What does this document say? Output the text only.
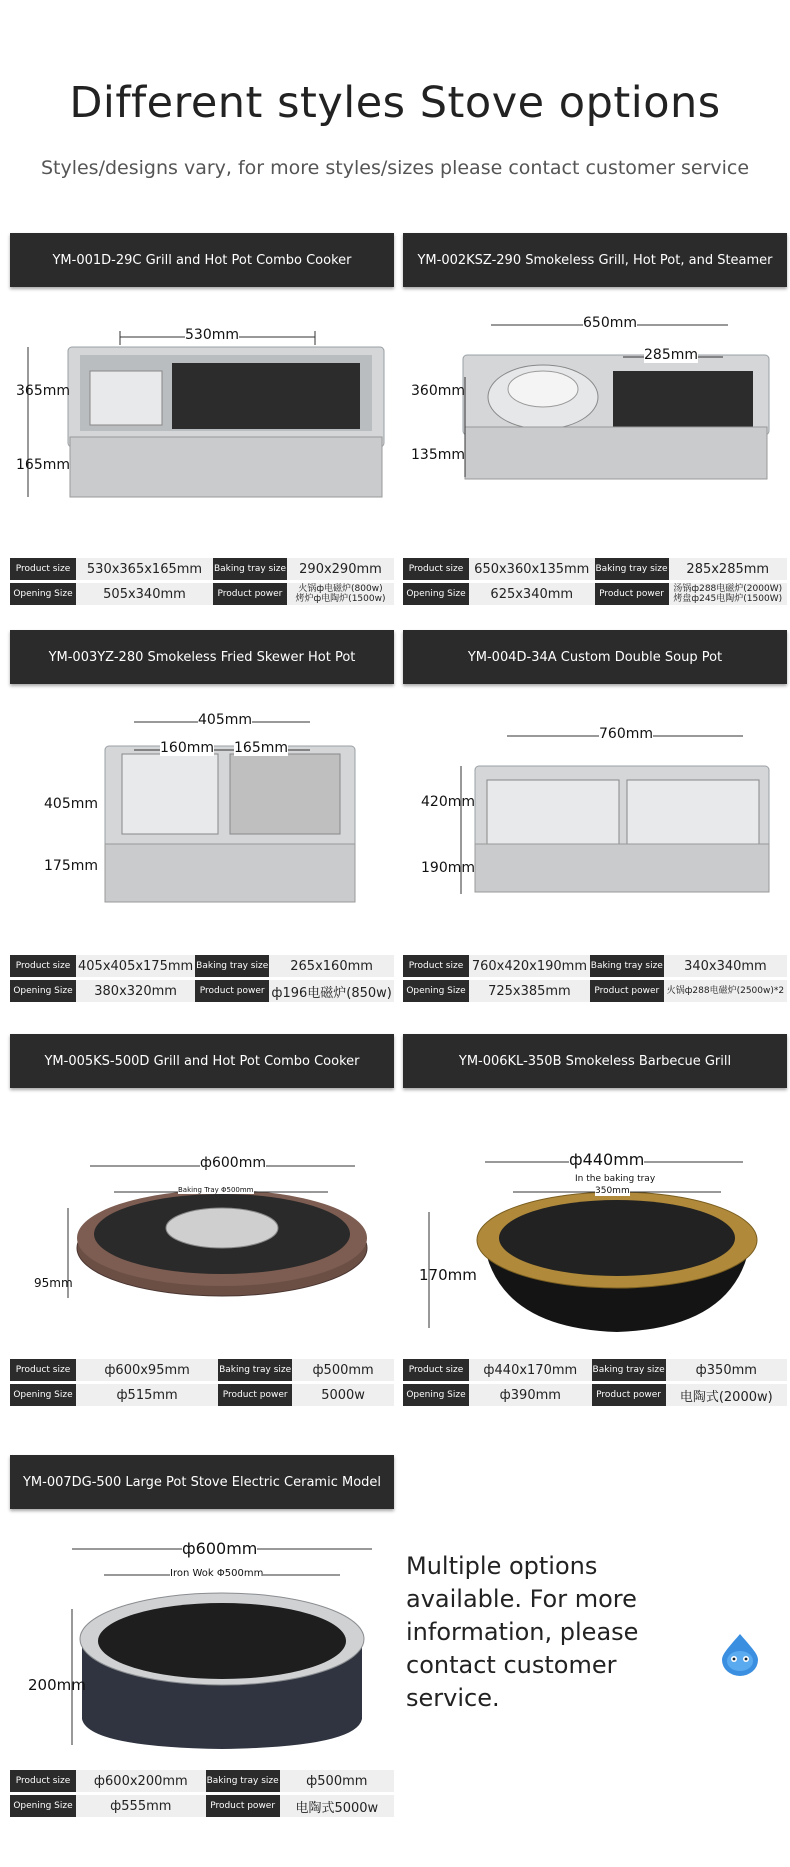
Different styles Stove options
Styles/designs vary, for more styles/sizes please contact customer service
YM-001D-29C Grill and Hot Pot Combo Cooker
530mm
365mm
165mm
Product size	530x365x165mm	Baking tray size	290x290mm
Opening Size	505x340mm	Product power	火锅ф电磁炉(800w)
烤炉ф电陶炉(1500w)
YM-002KSZ-290 Smokeless Grill, Hot Pot, and Steamer
650mm
285mm
360mm
135mm
Product size	650x360x135mm	Baking tray size	285x285mm
Opening Size	625x340mm	Product power	汤锅ф288电磁炉(2000W)
烤盘ф245电陶炉(1500W)
YM-003YZ-280 Smokeless Fried Skewer Hot Pot
405mm
160mm 165mm
405mm
175mm
Product size	405x405x175mm	Baking tray size	265x160mm
Opening Size	380x320mm	Product power	ф196电磁炉(850w)
YM-004D-34A Custom Double Soup Pot
760mm
420mm
190mm
Product size	760x420x190mm	Baking tray size	340x340mm
Opening Size	725x385mm	Product power	火锅ф288电磁炉(2500w)*2
YM-005KS-500D Grill and Hot Pot Combo Cooker
ф600mm
Baking Tray Φ500mm
95mm
Product size	ф600x95mm	Baking tray size	ф500mm
Opening Size	ф515mm	Product power	5000w
YM-006KL-350B Smokeless Barbecue Grill
ф440mm
In the baking tray
350mm
170mm
Product size	ф440x170mm	Baking tray size	ф350mm
Opening Size	ф390mm	Product power	电陶式(2000w)
YM-007DG-500 Large Pot Stove Electric Ceramic Model
ф600mm
Iron Wok Φ500mm
200mm
Product size	ф600x200mm	Baking tray size	ф500mm
Opening Size	ф555mm	Product power	电陶式5000w
Multiple options available. For more information, please contact customer service.
